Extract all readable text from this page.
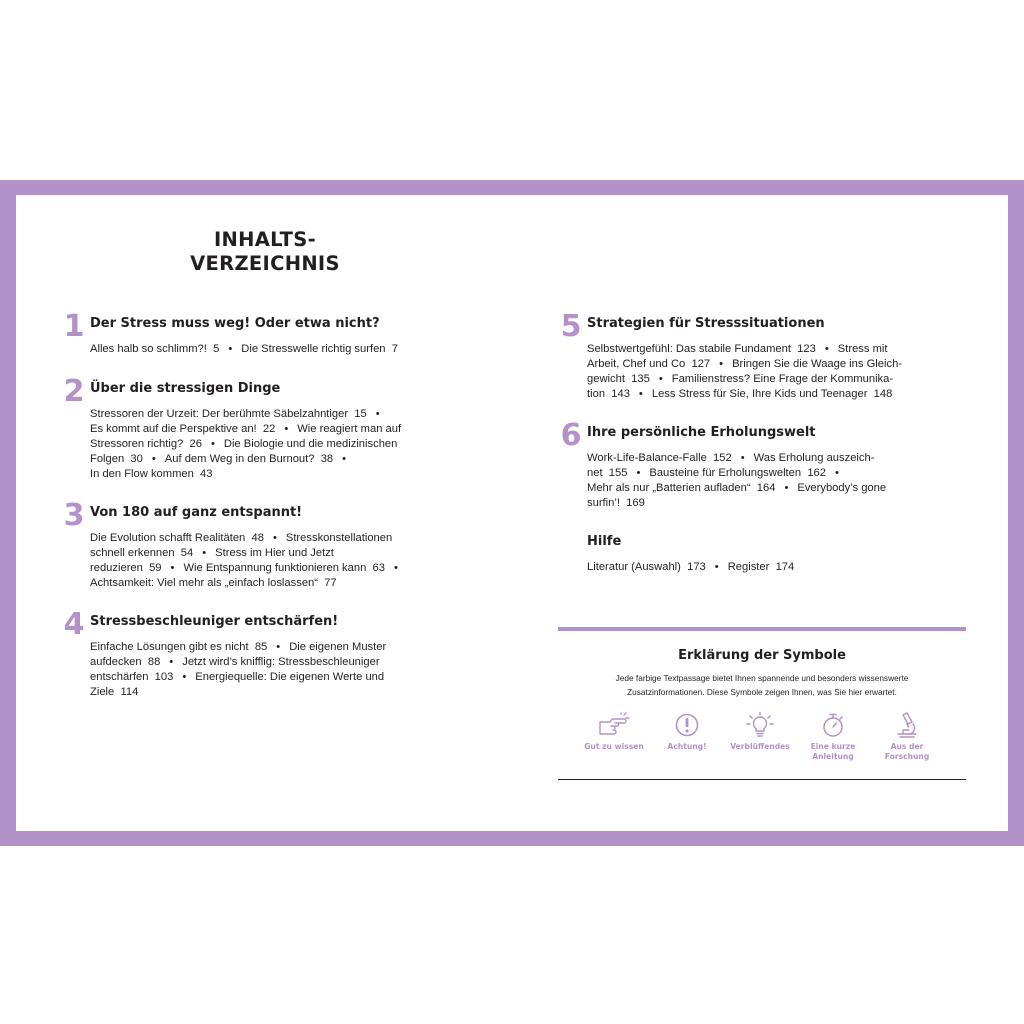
INHALTS-
VERZEICHNIS
1 Der Stress muss weg! Oder etwa nicht?
Alles halb so schlimm?!  5 • Die Stresswelle richtig surfen  7
2 Über die stressigen Dinge
Stressoren der Urzeit: Der berühmte Säbelzahntiger  15 •
Es kommt auf die Perspektive an!  22 • Wie reagiert man auf
Stressoren richtig?  26 • Die Biologie und die medizinischen
Folgen  30 • Auf dem Weg in den Burnout?  38 •
In den Flow kommen  43
3 Von 180 auf ganz entspannt!
Die Evolution schafft Realitäten  48 • Stresskonstellationen
schnell erkennen  54 • Stress im Hier und Jetzt
reduzieren  59 • Wie Entspannung funktionieren kann  63 •
Achtsamkeit: Viel mehr als „einfach loslassen“  77
4 Stressbeschleuniger entschärfen!
Einfache Lösungen gibt es nicht  85 • Die eigenen Muster
aufdecken  88 • Jetzt wird’s knifflig: Stressbeschleuniger
entschärfen  103 • Energiequelle: Die eigenen Werte und
Ziele  114
5 Strategien für Stresssituationen
Selbstwertgefühl: Das stabile Fundament  123 • Stress mit
Arbeit, Chef und Co  127 • Bringen Sie die Waage ins Gleich-
gewicht  135 • Familienstress? Eine Frage der Kommunika-
tion  143 • Less Stress für Sie, Ihre Kids und Teenager  148
6 Ihre persönliche Erholungswelt
Work-Life-Balance-Falle  152 • Was Erholung auszeich-
net  155 • Bausteine für Erholungswelten  162 •
Mehr als nur „Batterien aufladen“  164 • Everybody’s gone
surfin’!  169
Hilfe
Literatur (Auswahl)  173 • Register  174
Erklärung der Symbole
Jede farbige Textpassage bietet Ihnen spannende und besonders wissenswerte
Zusatzinformationen. Diese Symbole zeigen Ihnen, was Sie hier erwartet.
Gut zu wissen	Achtung!	Verblüffendes	Eine kurze Anleitung
Aus der Forschung
